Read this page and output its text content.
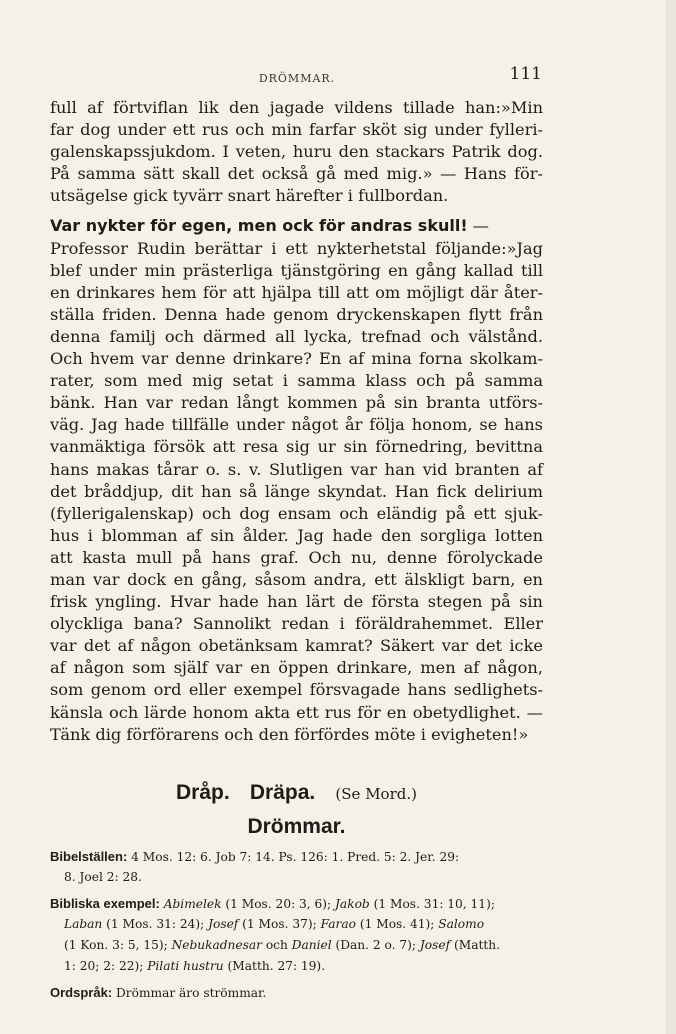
DRÖMMAR.	111
full af förtviflan lik den jagade vildens tillade han:»Min
far dog under ett rus och min farfar sköt sig under fylleri-
galenskapssjukdom. I veten, huru den stackars Patrik dog.
På samma sätt skall det också gå med mig.» — Hans för-
utsägelse gick tyvärr snart härefter i fullbordan.
Var nykter för egen, men ock för andras skull! —
Professor Rudin berättar i ett nykterhetstal följande:»Jag
blef under min prästerliga tjänstgöring en gång kallad till
en drinkares hem för att hjälpa till att om möjligt där åter-
ställa friden. Denna hade genom dryckenskapen flytt från
denna familj och därmed all lycka, trefnad och välstånd.
Och hvem var denne drinkare? En af mina forna skolkam-
rater, som med mig setat i samma klass och på samma
bänk. Han var redan långt kommen på sin branta utförs-
väg. Jag hade tillfälle under något år följa honom, se hans
vanmäktiga försök att resa sig ur sin förnedring, bevittna
hans makas tårar o. s. v. Slutligen var han vid branten af
det bråddjup, dit han så länge skyndat. Han fick delirium
(fyllerigalenskap) och dog ensam och eländig på ett sjuk-
hus i blomman af sin ålder. Jag hade den sorgliga lotten
att kasta mull på hans graf. Och nu, denne förolyckade
man var dock en gång, såsom andra, ett älskligt barn, en
frisk yngling. Hvar hade han lärt de första stegen på sin
olyckliga bana? Sannolikt redan i föräldrahemmet. Eller
var det af någon obetänksam kamrat? Säkert var det icke
af någon som själf var en öppen drinkare, men af någon,
som genom ord eller exempel försvagade hans sedlighets-
känsla och lärde honom akta ett rus för en obetydlighet. —
Tänk dig förförarens och den förfördes möte i evigheten!»
Dråp. Dräpa. (Se Mord.)
Drömmar.
Bibelställen: 4 Mos. 12: 6. Job 7: 14. Ps. 126: 1. Pred. 5: 2. Jer. 29:
8. Joel 2: 28.
Bibliska exempel: Abimelek (1 Mos. 20: 3, 6); Jakob (1 Mos. 31: 10, 11);
Laban (1 Mos. 31: 24); Josef (1 Mos. 37); Farao (1 Mos. 41); Salomo
(1 Kon. 3: 5, 15); Nebukadnesar och Daniel (Dan. 2 o. 7); Josef (Matth.
1: 20; 2: 22); Pilati hustru (Matth. 27: 19).
Ordspråk: Drömmar äro strömmar.
